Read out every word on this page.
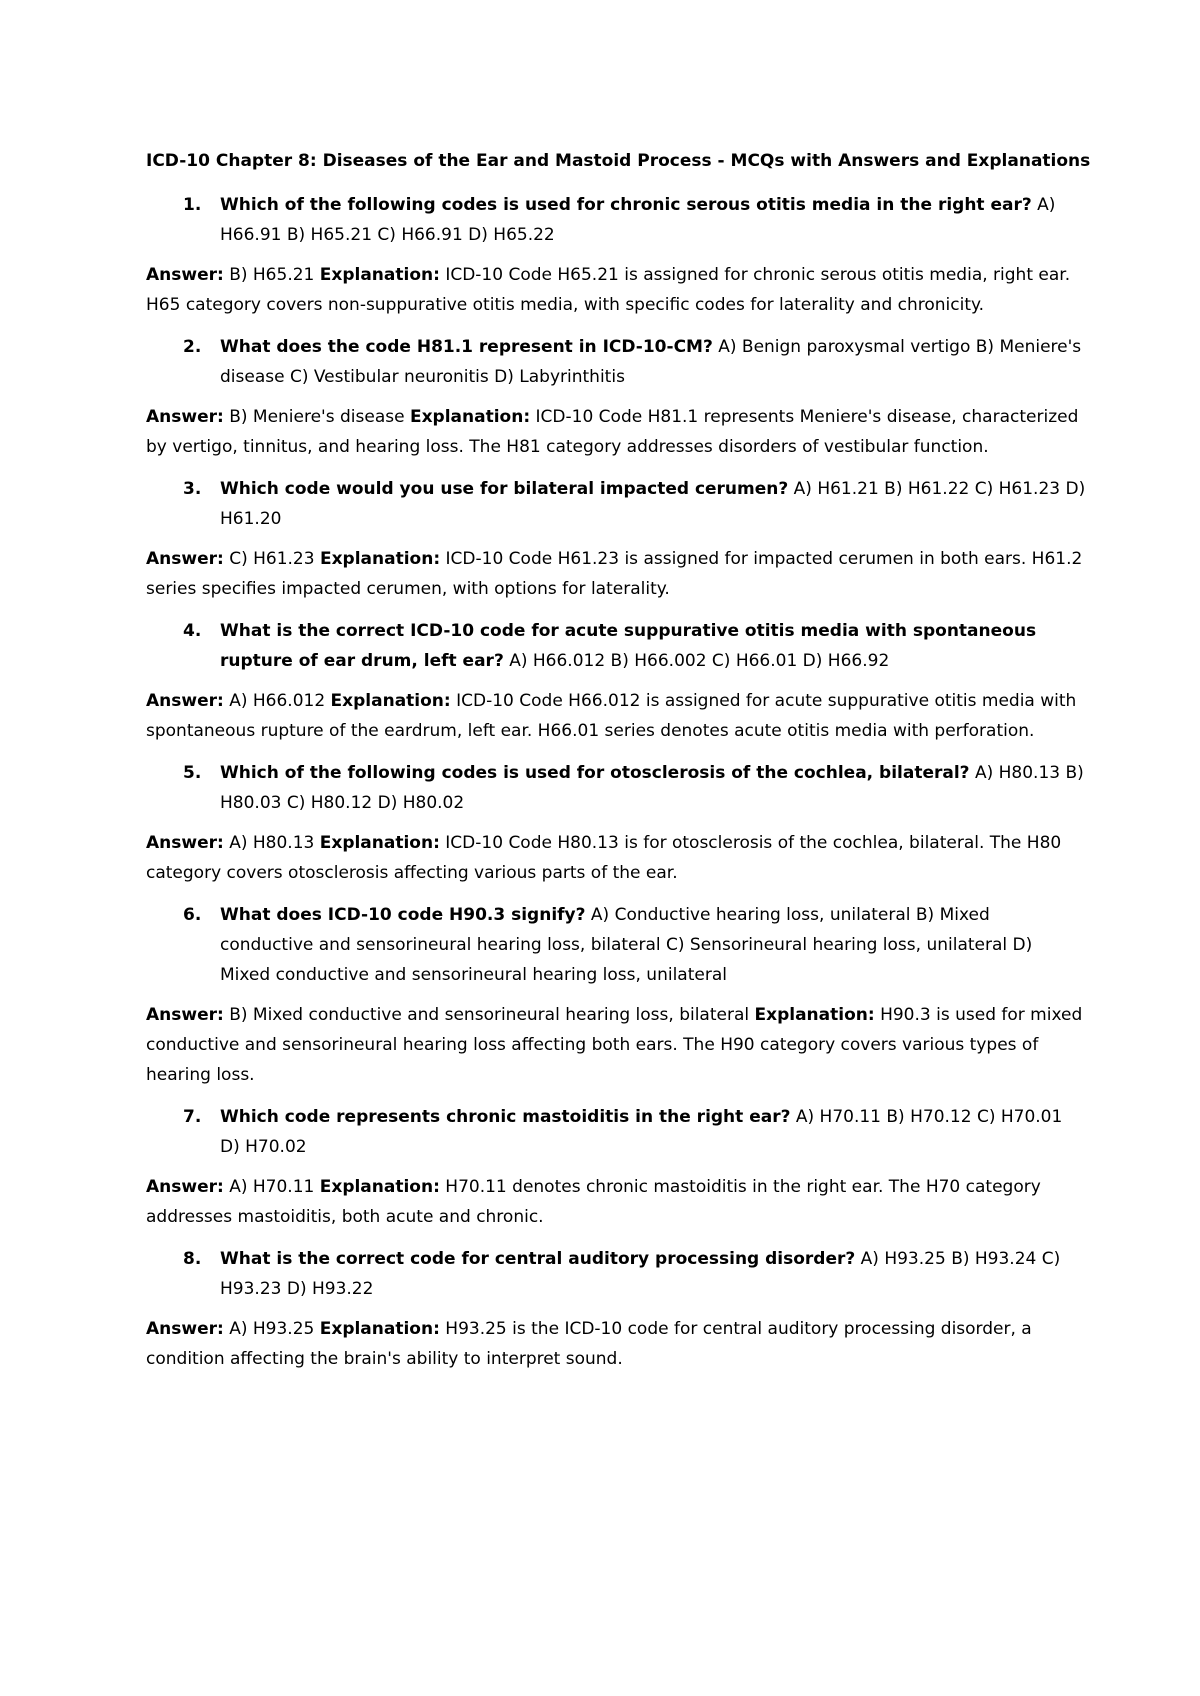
ICD-10 Chapter 8: Diseases of the Ear and Mastoid Process - MCQs with Answers and Explanations
1. Which of the following codes is used for chronic serous otitis media in the right ear? A) H66.91 B) H65.21 C) H66.91 D) H65.22
Answer: B) H65.21 Explanation: ICD-10 Code H65.21 is assigned for chronic serous otitis media, right ear. H65 category covers non-suppurative otitis media, with specific codes for laterality and chronicity.
2. What does the code H81.1 represent in ICD-10-CM? A) Benign paroxysmal vertigo B) Meniere's disease C) Vestibular neuronitis D) Labyrinthitis
Answer: B) Meniere's disease Explanation: ICD-10 Code H81.1 represents Meniere's disease, characterized by vertigo, tinnitus, and hearing loss. The H81 category addresses disorders of vestibular function.
3. Which code would you use for bilateral impacted cerumen? A) H61.21 B) H61.22 C) H61.23 D) H61.20
Answer: C) H61.23 Explanation: ICD-10 Code H61.23 is assigned for impacted cerumen in both ears. H61.2 series specifies impacted cerumen, with options for laterality.
4. What is the correct ICD-10 code for acute suppurative otitis media with spontaneous rupture of ear drum, left ear? A) H66.012 B) H66.002 C) H66.01 D) H66.92
Answer: A) H66.012 Explanation: ICD-10 Code H66.012 is assigned for acute suppurative otitis media with spontaneous rupture of the eardrum, left ear. H66.01 series denotes acute otitis media with perforation.
5. Which of the following codes is used for otosclerosis of the cochlea, bilateral? A) H80.13 B) H80.03 C) H80.12 D) H80.02
Answer: A) H80.13 Explanation: ICD-10 Code H80.13 is for otosclerosis of the cochlea, bilateral. The H80 category covers otosclerosis affecting various parts of the ear.
6. What does ICD-10 code H90.3 signify? A) Conductive hearing loss, unilateral B) Mixed conductive and sensorineural hearing loss, bilateral C) Sensorineural hearing loss, unilateral D) Mixed conductive and sensorineural hearing loss, unilateral
Answer: B) Mixed conductive and sensorineural hearing loss, bilateral Explanation: H90.3 is used for mixed conductive and sensorineural hearing loss affecting both ears. The H90 category covers various types of hearing loss.
7. Which code represents chronic mastoiditis in the right ear? A) H70.11 B) H70.12 C) H70.01 D) H70.02
Answer: A) H70.11 Explanation: H70.11 denotes chronic mastoiditis in the right ear. The H70 category addresses mastoiditis, both acute and chronic.
8. What is the correct code for central auditory processing disorder? A) H93.25 B) H93.24 C) H93.23 D) H93.22
Answer: A) H93.25 Explanation: H93.25 is the ICD-10 code for central auditory processing disorder, a condition affecting the brain's ability to interpret sound.
